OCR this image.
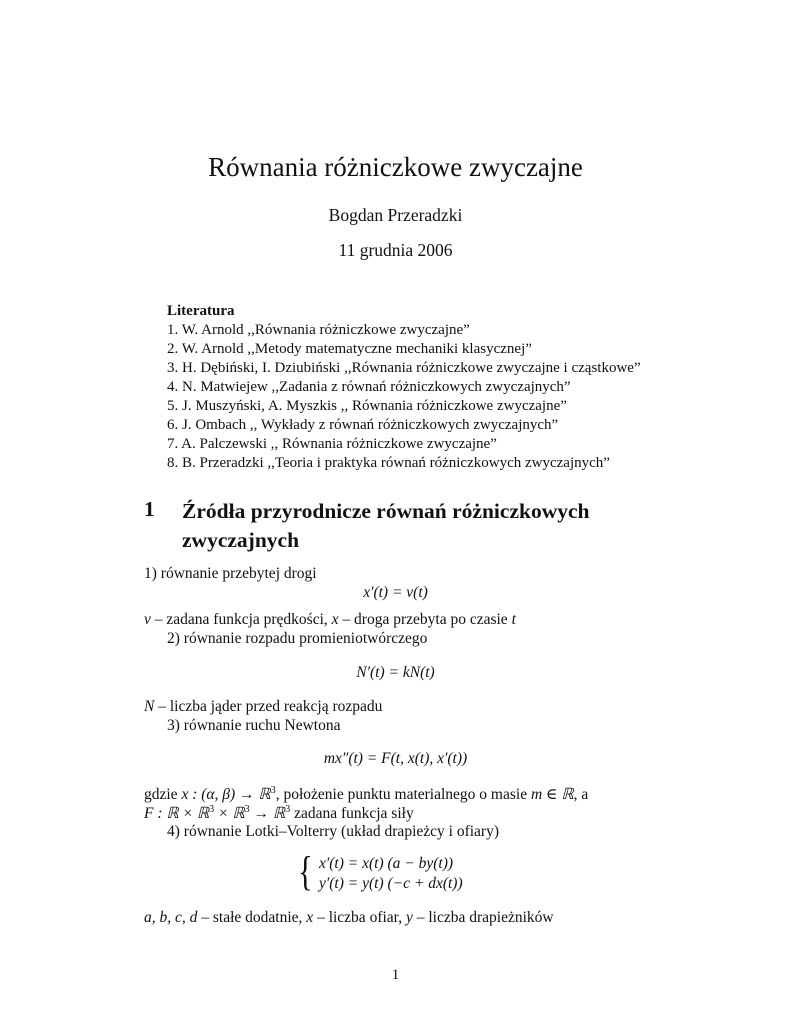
Równania różniczkowe zwyczajne
Bogdan Przeradzki
11 grudnia 2006
Literatura
1. W. Arnold ,,Równania różniczkowe zwyczajne”
2. W. Arnold ,,Metody matematyczne mechaniki klasycznej”
3. H. Dębiński, I. Dziubiński ,,Równania różniczkowe zwyczajne i cząstkowe”
4. N. Matwiejew ,,Zadania z równań różniczkowych zwyczajnych”
5. J. Muszyński, A. Myszkis ,, Równania różniczkowe zwyczajne”
6. J. Ombach ,, Wykłady z równań różniczkowych zwyczajnych”
7. A. Palczewski ,, Równania różniczkowe zwyczajne”
8. B. Przeradzki ,,Teoria i praktyka równań różniczkowych zwyczajnych”
1 Źródła przyrodnicze równań różniczkowych zwyczajnych
1) równanie przebytej drogi
x′(t) = v(t)
v – zadana funkcja prędkości, x – droga przebyta po czasie t
2) równanie rozpadu promieniotwórczego
N′(t) = kN(t)
N – liczba jąder przed reakcją rozpadu
3) równanie ruchu Newtona
mx″(t) = F(t, x(t), x′(t))
gdzie x : (α, β) → ℝ$^3$, położenie punktu materialnego o masie m ∈ ℝ, a
F : ℝ × ℝ$^3$ × ℝ$^3$ → ℝ$^3$ zadana funkcja siły
4) równanie Lotki–Volterry (układ drapieżcy i ofiary)
{ x′(t) = x(t) (a − by(t))
y′(t) = y(t) (−c + dx(t))
a, b, c, d – stałe dodatnie, x – liczba ofiar, y – liczba drapieżników
1
